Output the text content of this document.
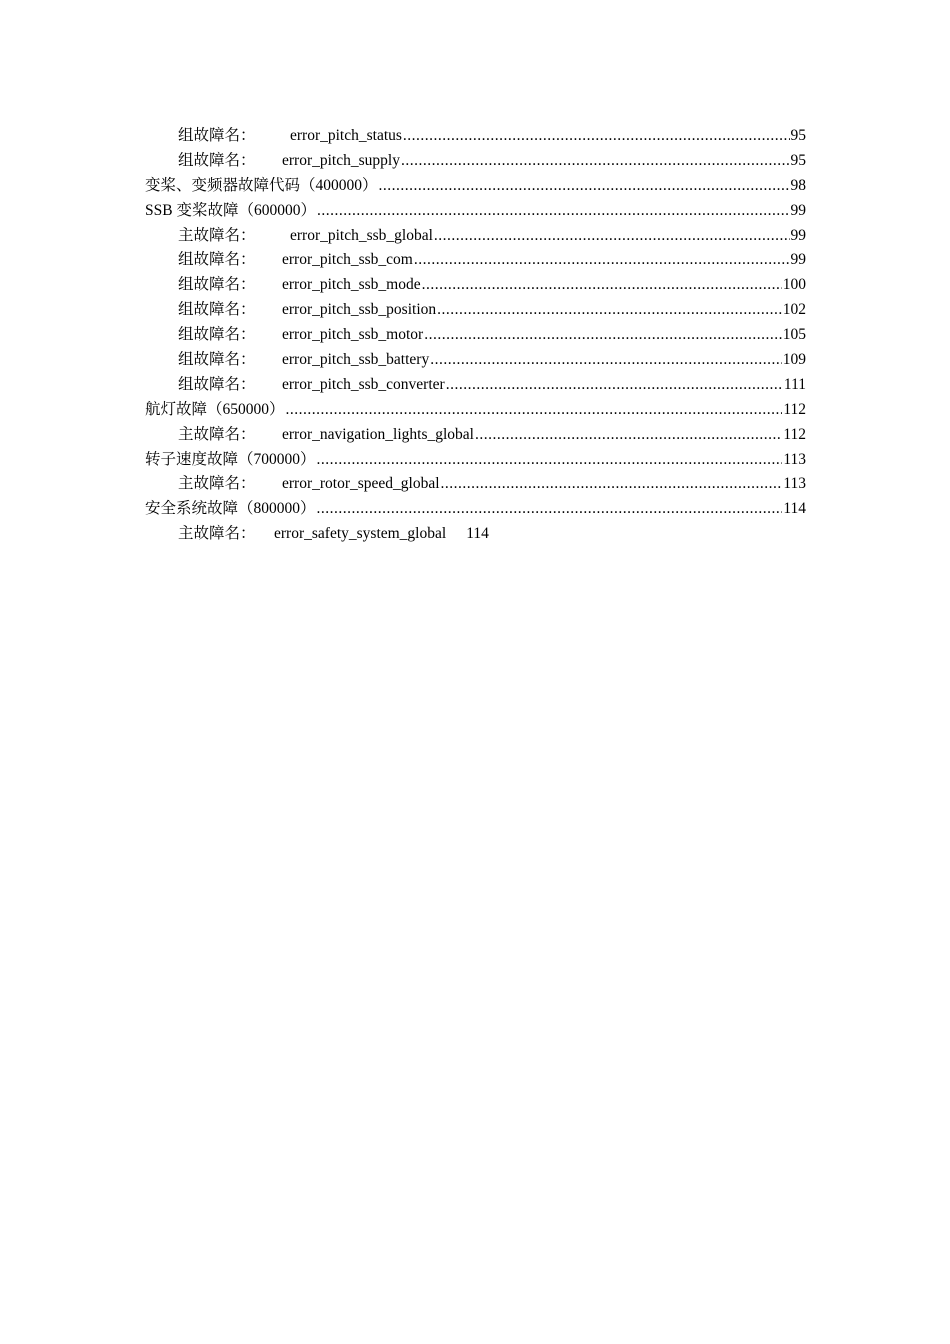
组故障名：	error_pitch_status .....	95
组故障名：	error_pitch_supply .....	95
变桨、变频器故障代码（400000） .....	98
SSB 变桨故障（600000） .....	99
主故障名：	error_pitch_ssb_global .....	99
组故障名：	error_pitch_ssb_com .....	99
组故障名：	error_pitch_ssb_mode .....	100
组故障名：	error_pitch_ssb_position .....	102
组故障名：	error_pitch_ssb_motor .....	105
组故障名：	error_pitch_ssb_battery .....	109
组故障名：	error_pitch_ssb_converter .....	111
航灯故障（650000） .....	112
主故障名：	error_navigation_lights_global .....	112
转子速度故障（700000） .....	113
主故障名：	error_rotor_speed_global .....	113
安全系统故障（800000） .....	114
主故障名：	error_safety_system_global 114
